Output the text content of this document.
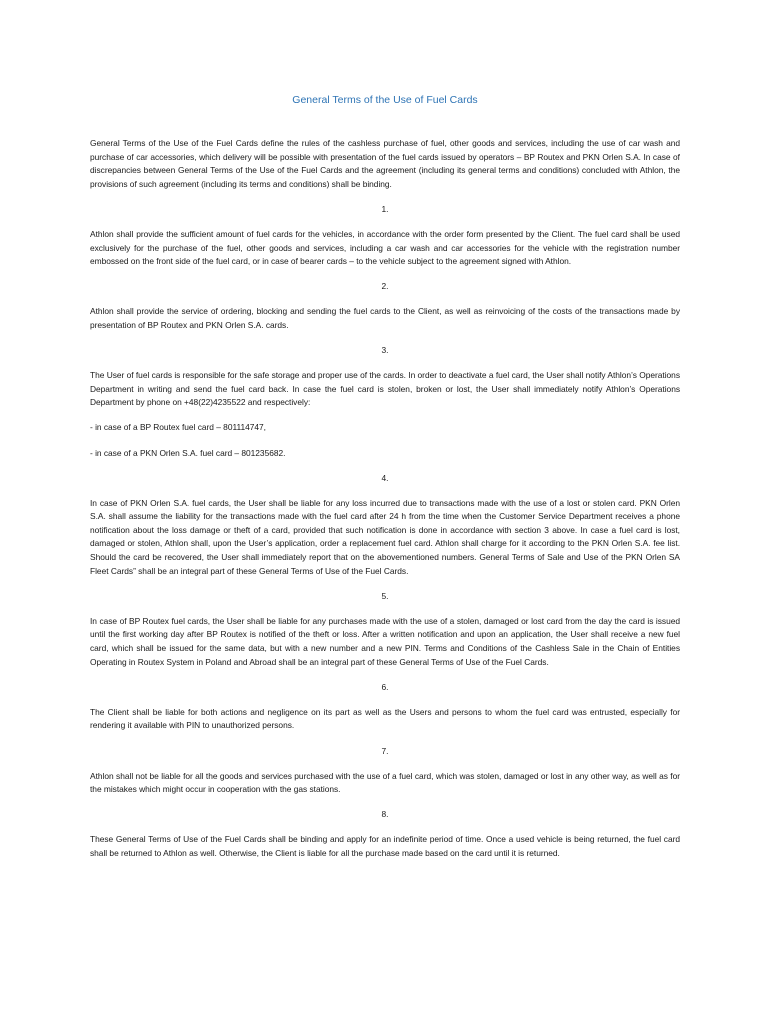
General Terms of the Use of Fuel Cards

General Terms of the Use of the Fuel Cards define the rules of the cashless purchase of fuel, other goods and services, including the use of car wash and purchase of car accessories, which delivery will be possible with presentation of the fuel cards issued by operators – BP Routex and PKN Orlen S.A. In case of discrepancies between General Terms of the Use of the Fuel Cards and the agreement (including its general terms and conditions) concluded with Athlon, the provisions of such agreement (including its terms and conditions) shall be binding.

1.

Athlon shall provide the sufficient amount of fuel cards for the vehicles, in accordance with the order form presented by the Client. The fuel card shall be used exclusively for the purchase of the fuel, other goods and services, including a car wash and car accessories for the vehicle with the registration number embossed on the front side of the fuel card, or in case of bearer cards – to the vehicle subject to the agreement signed with Athlon.

2.

Athlon shall provide the service of ordering, blocking and sending the fuel cards to the Client, as well as reinvoicing of the costs of the transactions made by presentation of BP Routex and PKN Orlen S.A. cards.

3.

The User of fuel cards is responsible for the safe storage and proper use of the cards. In order to deactivate a fuel card, the User shall notify Athlon’s Operations Department in writing and send the fuel card back. In case the fuel card is stolen, broken or lost, the User shall immediately notify Athlon’s Operations Department by phone on +48(22)4235522 and respectively:

- in case of a BP Routex fuel card – 801114747,

- in case of a PKN Orlen S.A. fuel card – 801235682.

4.

In case of PKN Orlen S.A. fuel cards, the User shall be liable for any loss incurred due to transactions made with the use of a lost or stolen card. PKN Orlen S.A. shall assume the liability for the transactions made with the fuel card after 24 h from the time when the Customer Service Department receives a phone notification about the loss damage or theft of a card, provided that such notification is done in accordance with section 3 above. In case a fuel card is lost, damaged or stolen, Athlon shall, upon the User’s application, order a replacement fuel card. Athlon shall charge for it according to the PKN Orlen S.A. fee list. Should the card be recovered, the User shall immediately report that on the abovementioned numbers. General Terms of Sale and Use of the PKN Orlen SA Fleet Cards” shall be an integral part of these General Terms of Use of the Fuel Cards.

5.

In case of BP Routex fuel cards, the User shall be liable for any purchases made with the use of a stolen, damaged or lost card from the day the card is issued until the first working day after BP Routex is notified of the theft or loss. After a written notification and upon an application, the User shall receive a new fuel card, which shall be issued for the same data, but with a new number and a new PIN. Terms and Conditions of the Cashless Sale in the Chain of Entities Operating in Routex System in Poland and Abroad shall be an integral part of these General Terms of Use of the Fuel Cards.

6.

The Client shall be liable for both actions and negligence on its part as well as the Users and persons to whom the fuel card was entrusted, especially for rendering it available with PIN to unauthorized persons.

7.

Athlon shall not be liable for all the goods and services purchased with the use of a fuel card, which was stolen, damaged or lost in any other way, as well as for the mistakes which might occur in cooperation with the gas stations.

8.

These General Terms of Use of the Fuel Cards shall be binding and apply for an indefinite period of time. Once a used vehicle is being returned, the fuel card shall be returned to Athlon as well. Otherwise, the Client is liable for all the purchase made based on the card until it is returned.
